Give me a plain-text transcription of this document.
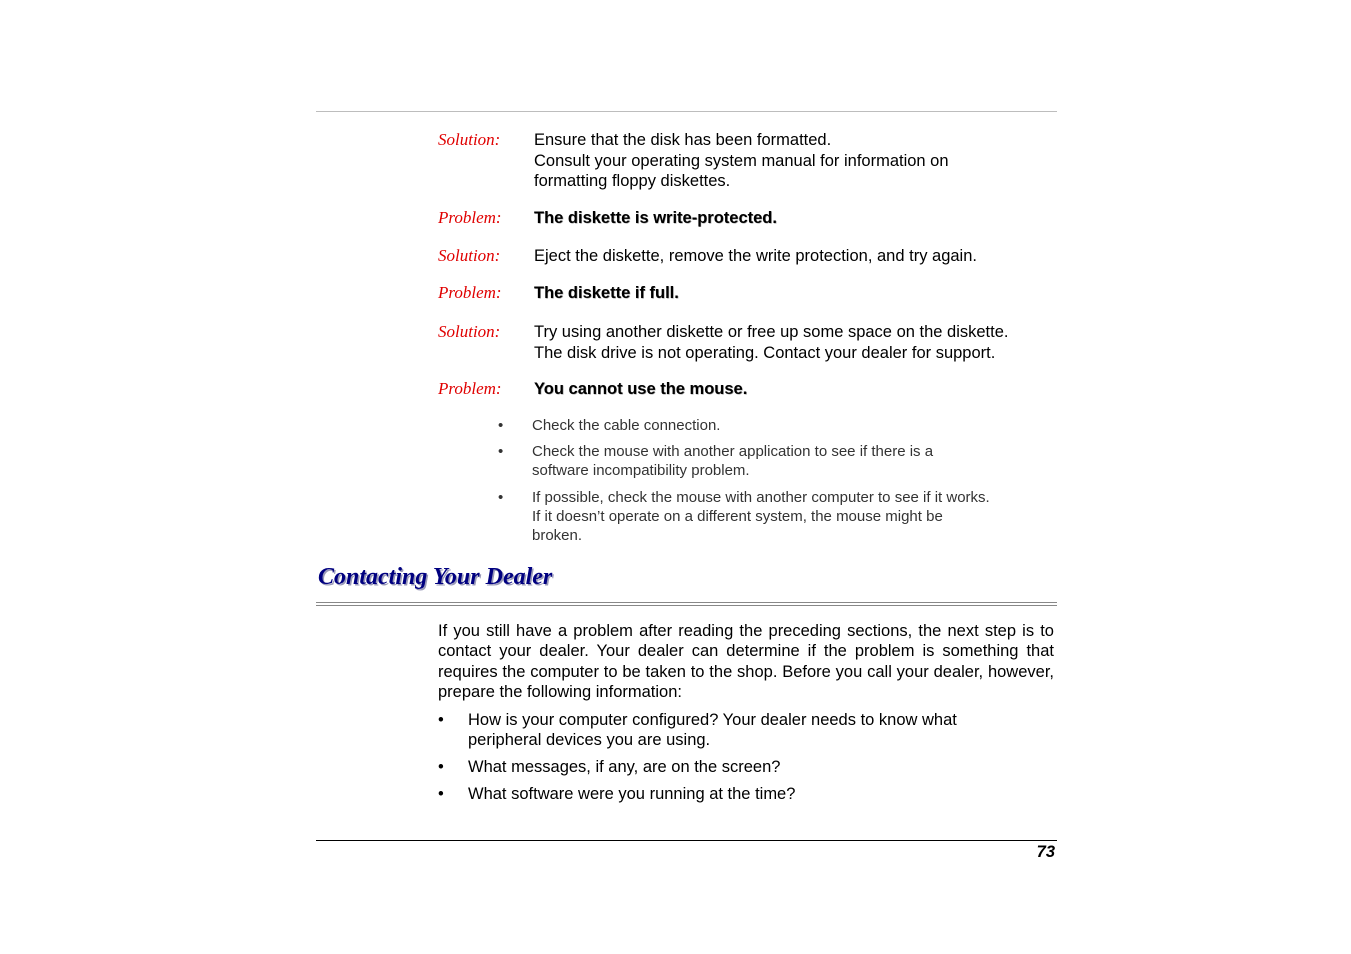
Solution: Ensure that the disk has been formatted.
Consult your operating system manual for information on
formatting floppy diskettes.
Problem: The diskette is write-protected.
Solution: Eject the diskette, remove the write protection, and try again.
Problem: The diskette if full.
Solution: Try using another diskette or free up some space on the diskette.
The disk drive is not operating. Contact your dealer for support.
Problem: You cannot use the mouse.
• Check the cable connection.
• Check the mouse with another application to see if there is a
software incompatibility problem.
• If possible, check the mouse with another computer to see if it works.
If it doesn’t operate on a different system, the mouse might be
broken.
Contacting Your Dealer
If you still have a problem after reading the preceding sections, the next step is to contact your dealer. Your dealer can determine if the problem is something that requires the computer to be taken to the shop. Before you call your dealer, however, prepare the following information:
• How is your computer configured? Your dealer needs to know what
peripheral devices you are using.
• What messages, if any, are on the screen?
• What software were you running at the time?
73
